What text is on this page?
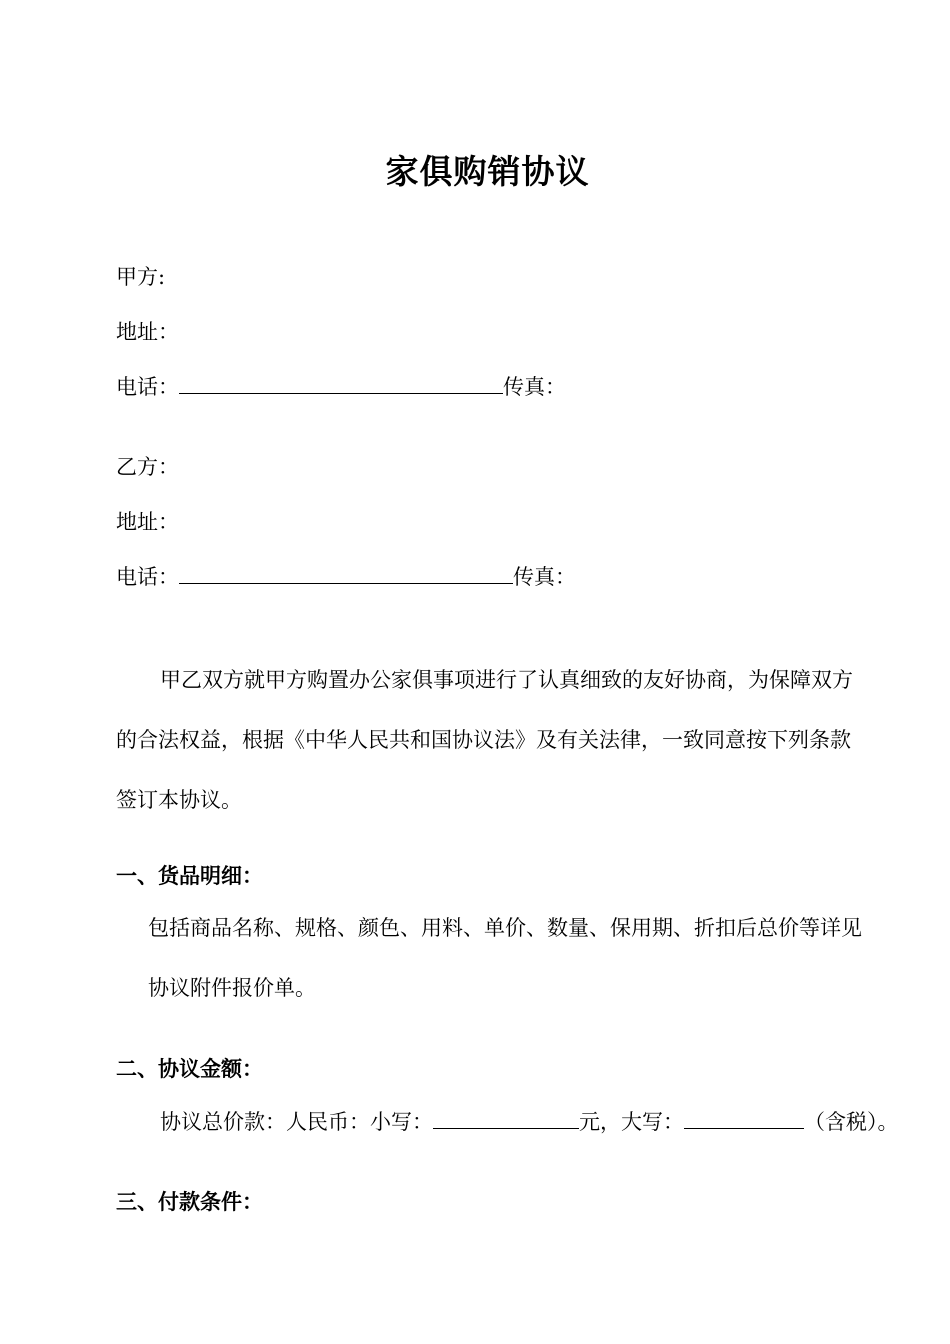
家俱购销协议
甲方:
地址：
电话：	传真：
乙方：
地址：
电话：	传真：

甲乙双方就甲方购置办公家俱事项进行了认真细致的友好协商，为保障双方的合法权益，根据《中华人民共和国协议法》及有关法律，一致同意按下列条款签订本协议。

一、货品明细：

包括商品名称、规格、颜色、用料、单价、数量、保用期、折扣后总价等详见协议附件报价单。

二、协议金额：
协议总价款：人民币：小写：	元，大写：	（含税）。
三、付款条件：
